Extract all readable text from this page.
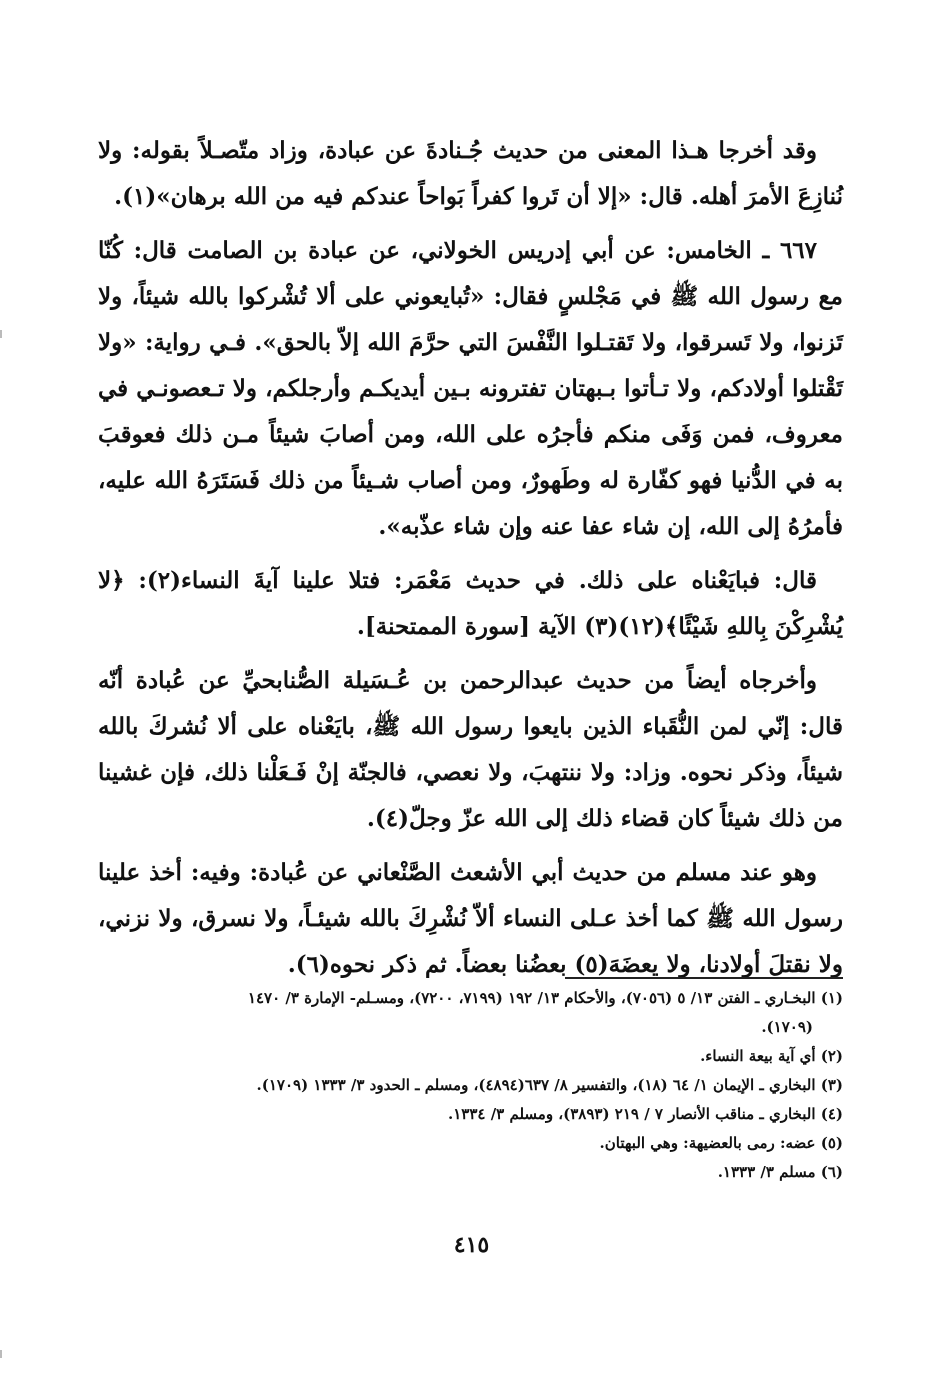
وقد أخرجا هـذا المعنى من حديث جُـنادةَ عن عبادة، وزاد متّصـلاً بقوله: ولا نُنازِعَ الأمرَ أهله. قال: «إلا أن تَروا كفراً بَواحاً عندكم فيه من الله برهان»(١).

٦٦٧ ـ الخامس: عن أبي إدريس الخولاني، عن عبادة بن الصامت قال: كُنّا مع رسول الله ﷺ في مَجْلسٍ فقال: «تُبايعوني على ألا تُشْركوا بالله شيئاً، ولا تَزنوا، ولا تَسرقوا، ولا تَقتـلوا النَّفْسَ التي حرَّمَ الله إلاّ بالحق». فـي رواية: «ولا تَقْتلوا أولادكم، ولا تـأتوا بـبهتان تفترونه بـين أيديكـم وأرجلكم، ولا تـعصونـي في معروف، فمن وَفَى منكم فأجرُه على الله، ومن أصابَ شيئاً مـن ذلك فعوقبَ به في الدُّنيا فهو كفّارة له وطَهورٌ، ومن أصاب شـيئاً من ذلك فَسَتَرَهُ الله عليه، فأمرُهُ إلى الله، إن شاء عفا عنه وإن شاء عذّبه».

قال: فبايَعْناه على ذلك. في حديث مَعْمَر: فتلا علينا آيةَ النساء(٢): ﴿لا يُشْرِكْنَ بِاللهِ شَيْئًا﴾(١٢)(٣) الآية [سورة الممتحنة].

وأخرجاه أيضاً من حديث عبدالرحمن بن عُـسَيلة الصُّنابحيِّ عن عُبادة أنّه قال: إنّي لمن النُّقَباء الذين بايعوا رسول الله ﷺ، بايَعْناه على ألا نُشركَ بالله شيئاً، وذكر نحوه. وزاد: ولا ننتهبَ، ولا نعصي، فالجنّة إنْ فَـعَلْنا ذلك، فإن غشينا من ذلك شيئاً كان قضاء ذلك إلى الله عزّ وجلّ(٤).

وهو عند مسلم من حديث أبي الأشعث الصَّنْعاني عن عُبادة: وفيه: أخذ علينا رسول الله ﷺ كما أخذ عـلى النساء ألاّ نُشْرِكَ بالله شيئـاً، ولا نسرق، ولا نزني، ولا نقتلَ أولادنا، ولا يعضَهَ(٥) بعضُنا بعضاً. ثم ذكر نحوه(٦).

(١) البخـاري ـ الفتن ١٣/ ٥ (٧٠٥٦)، والأحكام ١٣/ ١٩٢ (٧١٩٩، ٧٢٠٠)، ومسـلم- الإمارة ٣/ ١٤٧٠

(١٧٠٩).

(٢) أي آية بيعة النساء.

(٣) البخاري ـ الإيمان ١/ ٦٤ (١٨)، والتفسير ٨/ ٦٣٧(٤٨٩٤)، ومسلم ـ الحدود ٣/ ١٣٣٣ (١٧٠٩).

(٤) البخاري ـ مناقب الأنصار ٧ / ٢١٩ (٣٨٩٣)، ومسلم ٣/ ١٣٣٤.

(٥) عضه: رمى بالعضيهة: وهي البهتان.

(٦) مسلم ٣/ ١٣٣٣.

٤١٥
